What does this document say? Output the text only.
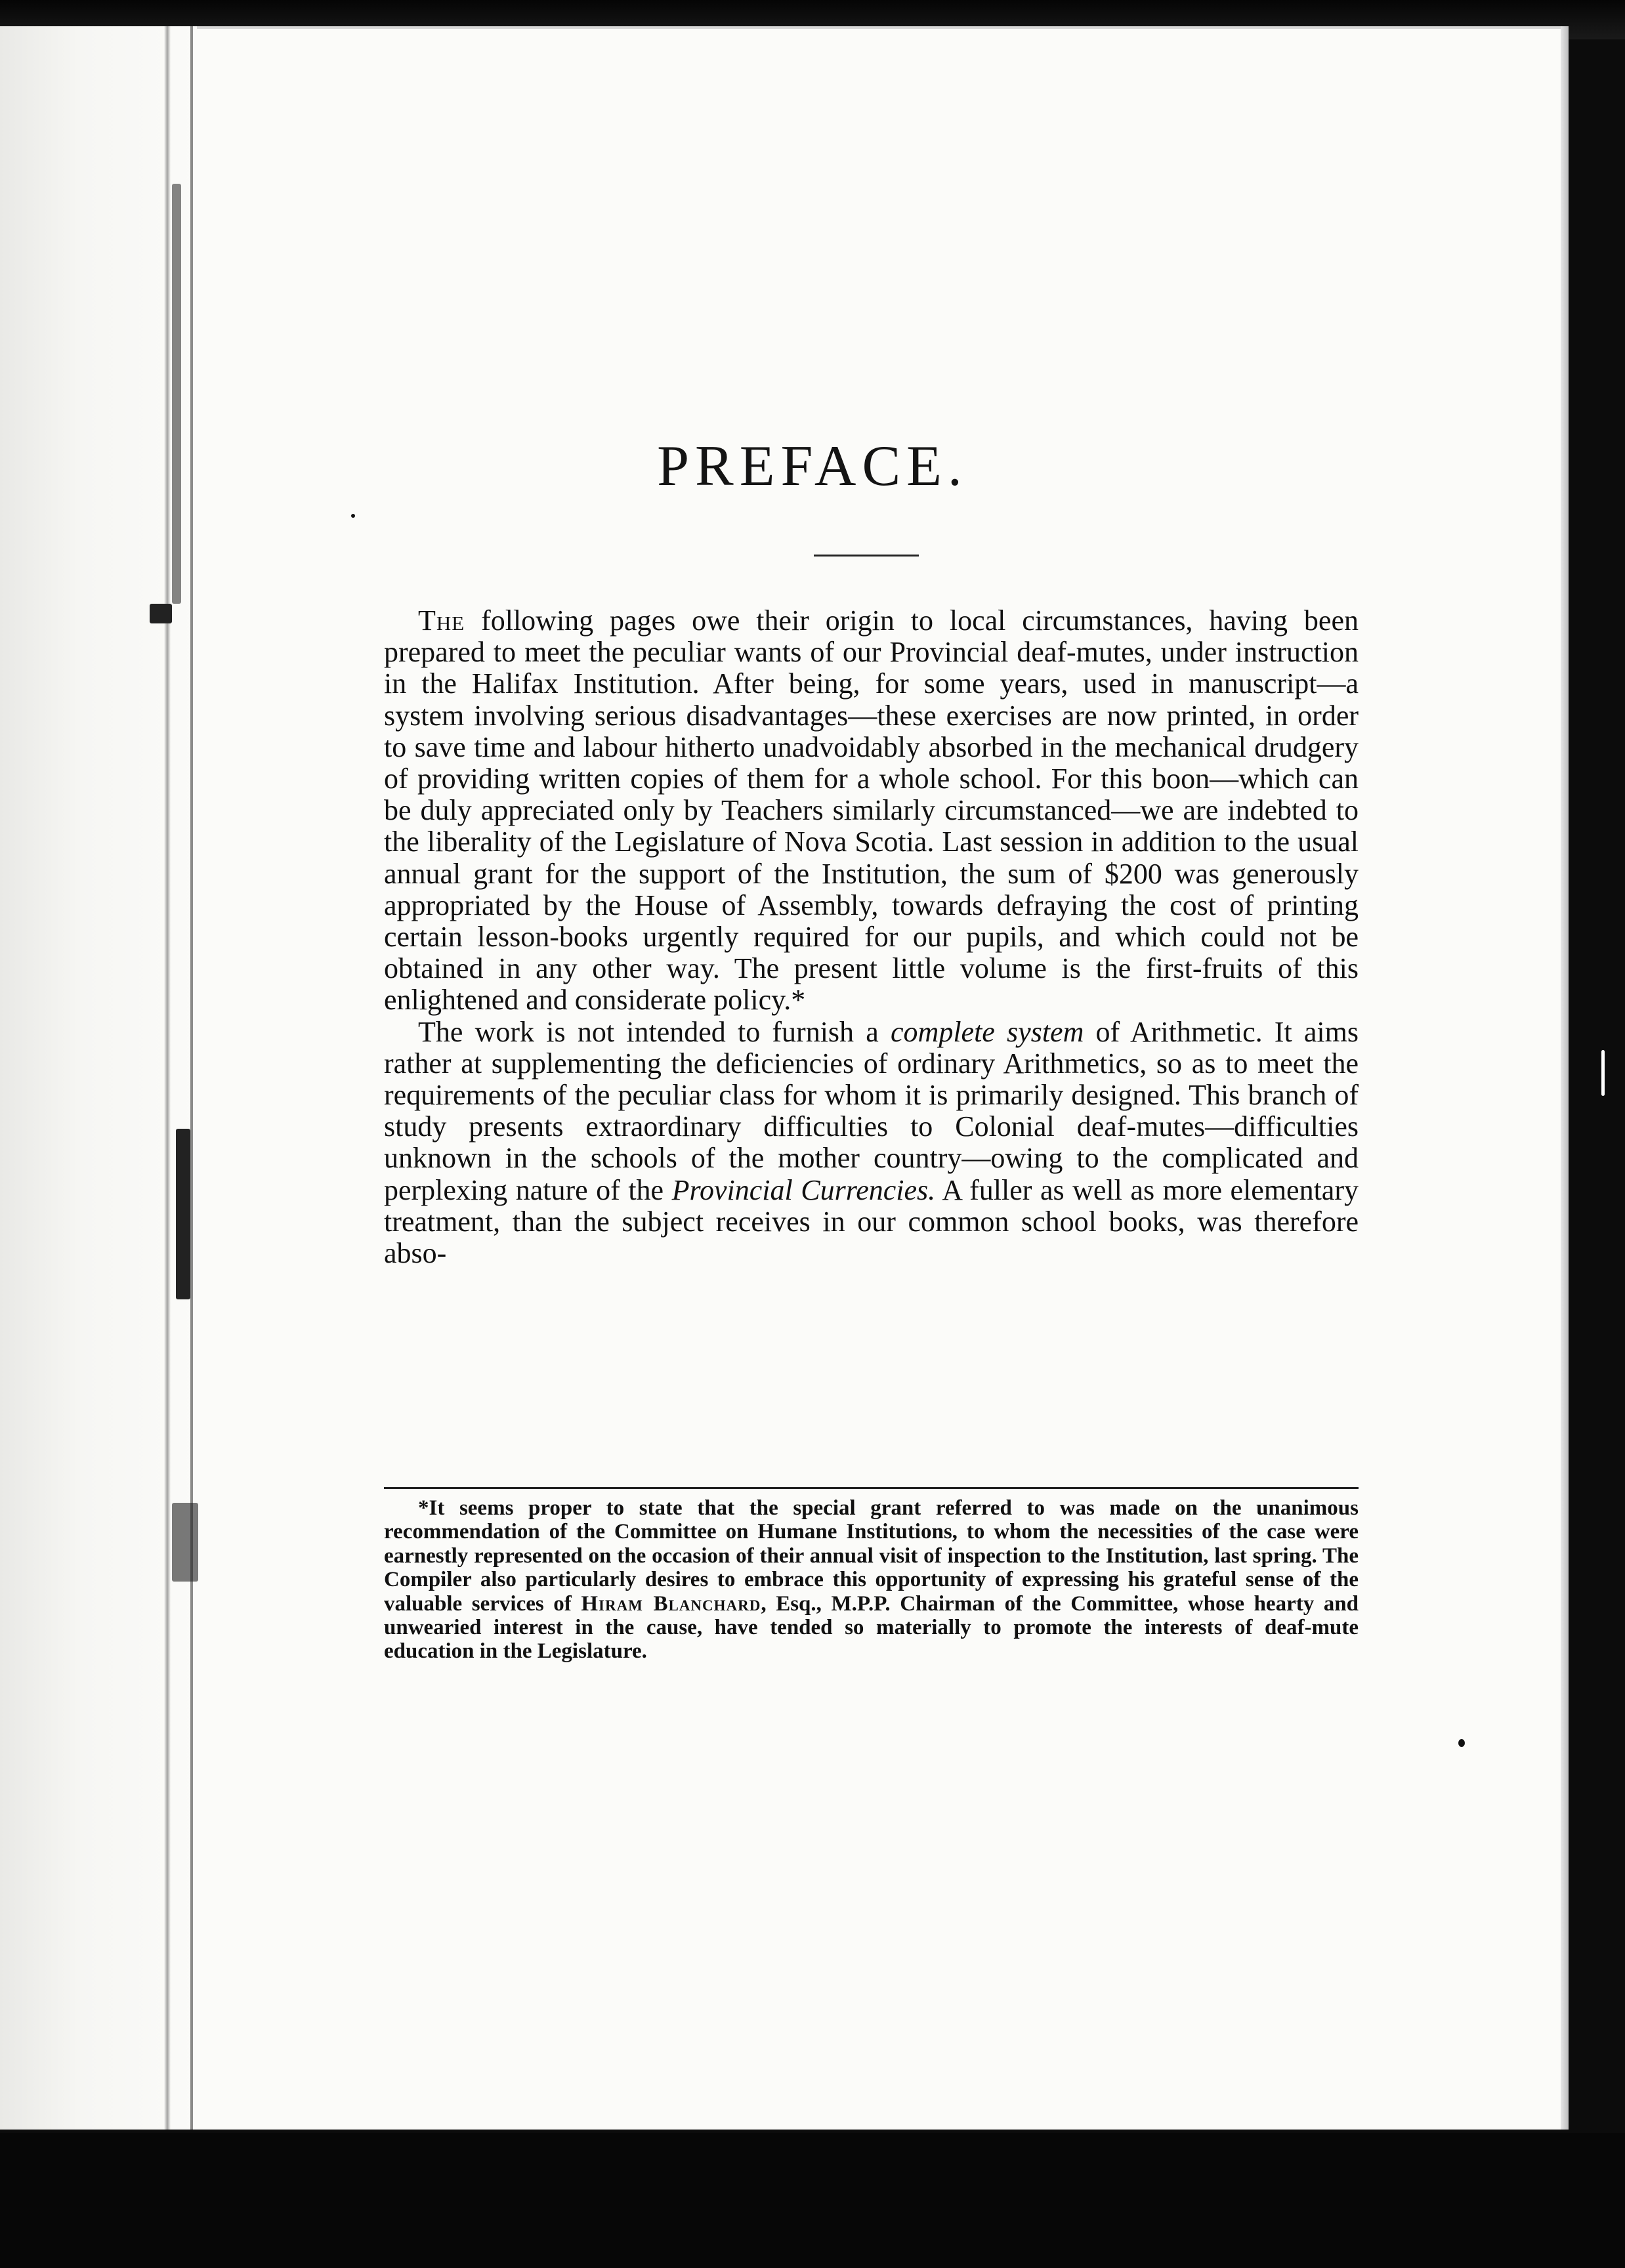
PREFACE.

The following pages owe their origin to local circumstances, having been prepared to meet the peculiar wants of our Provincial deaf-mutes, under instruction in the Halifax Institution. After being, for some years, used in manuscript—a system involving serious disadvantages—these exercises are now printed, in order to save time and labour hitherto unadvoidably absorbed in the mechanical drudgery of providing written copies of them for a whole school. For this boon—which can be duly appreciated only by Teachers similarly circumstanced—we are indebted to the liberality of the Legislature of Nova Scotia. Last session in addition to the usual annual grant for the support of the Institution, the sum of $200 was generously appropriated by the House of Assembly, towards defraying the cost of printing certain lesson-books urgently required for our pupils, and which could not be obtained in any other way. The present little volume is the first-fruits of this enlightened and considerate policy.*

The work is not intended to furnish a complete system of Arithmetic. It aims rather at supplementing the deficiencies of ordinary Arithmetics, so as to meet the requirements of the peculiar class for whom it is primarily designed. This branch of study presents extraordinary difficulties to Colonial deaf-mutes—difficulties unknown in the schools of the mother country—owing to the complicated and perplexing nature of the Provincial Currencies. A fuller as well as more elementary treatment, than the subject receives in our common school books, was therefore abso-

*It seems proper to state that the special grant referred to was made on the unanimous recommendation of the Committee on Humane Institutions, to whom the necessities of the case were earnestly represented on the occasion of their annual visit of inspection to the Institution, last spring. The Compiler also particularly desires to embrace this opportunity of expressing his grateful sense of the valuable services of Hiram Blanchard, Esq., M.P.P. Chairman of the Committee, whose hearty and unwearied interest in the cause, have tended so materially to promote the interests of deaf-mute education in the Legislature.
